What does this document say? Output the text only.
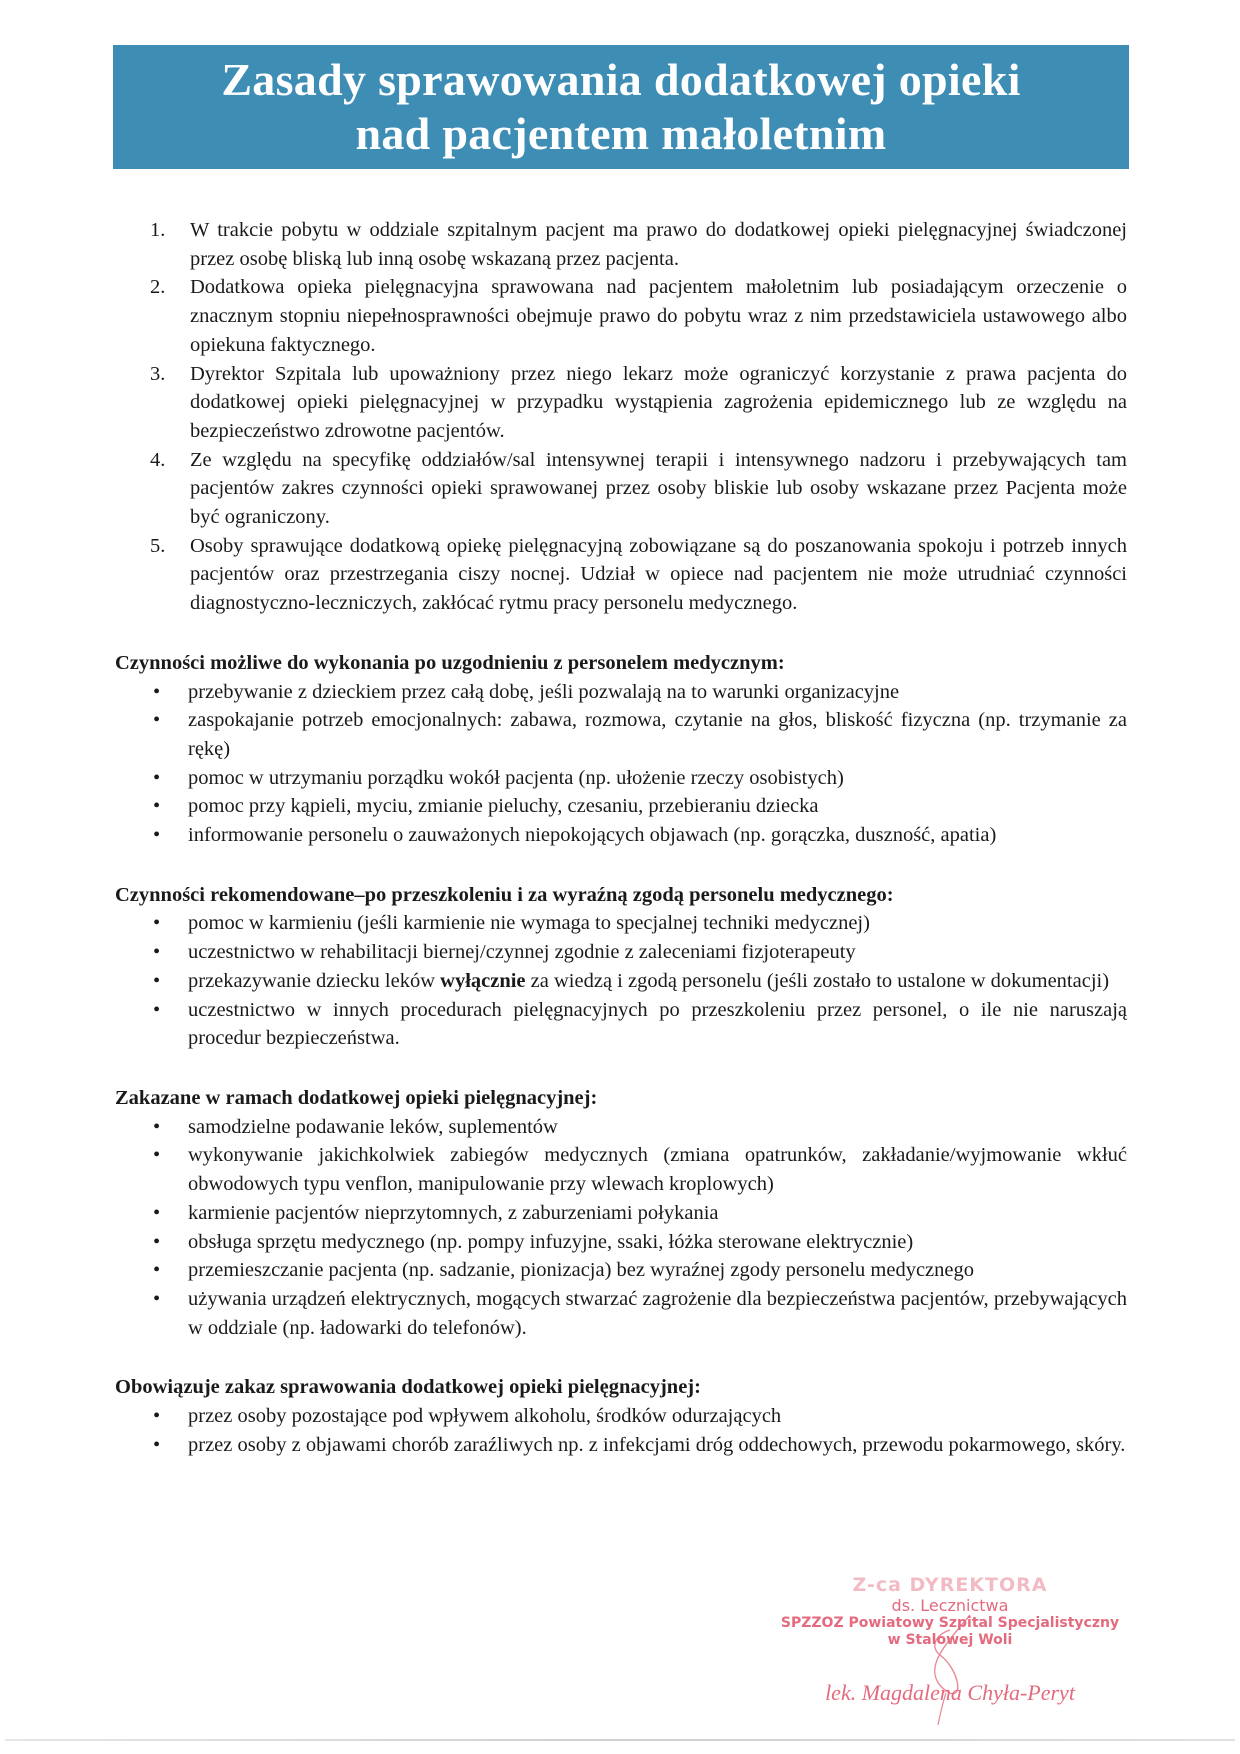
Zasady sprawowania dodatkowej opieki
nad pacjentem małoletnim
1. W trakcie pobytu w oddziale szpitalnym pacjent ma prawo do dodatkowej opieki pielęgnacyjnej świadczonej przez osobę bliską lub inną osobę wskazaną przez pacjenta.
2. Dodatkowa opieka pielęgnacyjna sprawowana nad pacjentem małoletnim lub posiadającym orzeczenie o znacznym stopniu niepełnosprawności obejmuje prawo do pobytu wraz z nim przedstawiciela ustawowego albo opiekuna faktycznego.
3. Dyrektor Szpitala lub upoważniony przez niego lekarz może ograniczyć korzystanie z prawa pacjenta do dodatkowej opieki pielęgnacyjnej w przypadku wystąpienia zagrożenia epidemicznego lub ze względu na bezpieczeństwo zdrowotne pacjentów.
4. Ze względu na specyfikę oddziałów/sal intensywnej terapii i intensywnego nadzoru i przebywających tam pacjentów zakres czynności opieki sprawowanej przez osoby bliskie lub osoby wskazane przez Pacjenta może być ograniczony.
5. Osoby sprawujące dodatkową opiekę pielęgnacyjną zobowiązane są do poszanowania spokoju i potrzeb innych pacjentów oraz przestrzegania ciszy nocnej. Udział w opiece nad pacjentem nie może utrudniać czynności diagnostyczno-leczniczych, zakłócać rytmu pracy personelu medycznego.
Czynności możliwe do wykonania po uzgodnieniu z personelem medycznym:
• przebywanie z dzieckiem przez całą dobę, jeśli pozwalają na to warunki organizacyjne
• zaspokajanie potrzeb emocjonalnych: zabawa, rozmowa, czytanie na głos, bliskość fizyczna (np. trzymanie za rękę)
• pomoc w utrzymaniu porządku wokół pacjenta (np. ułożenie rzeczy osobistych)
• pomoc przy kąpieli, myciu, zmianie pieluchy, czesaniu, przebieraniu dziecka
• informowanie personelu o zauważonych niepokojących objawach (np. gorączka, duszność, apatia)
Czynności rekomendowane–po przeszkoleniu i za wyraźną zgodą personelu medycznego:
• pomoc w karmieniu (jeśli karmienie nie wymaga to specjalnej techniki medycznej)
• uczestnictwo w rehabilitacji biernej/czynnej zgodnie z zaleceniami fizjoterapeuty
• przekazywanie dziecku leków wyłącznie za wiedzą i zgodą personelu (jeśli zostało to ustalone w dokumentacji)
• uczestnictwo w innych procedurach pielęgnacyjnych po przeszkoleniu przez personel, o ile nie naruszają procedur bezpieczeństwa.
Zakazane w ramach dodatkowej opieki pielęgnacyjnej:
• samodzielne podawanie leków, suplementów
• wykonywanie jakichkolwiek zabiegów medycznych (zmiana opatrunków, zakładanie/wyjmowanie wkłuć obwodowych typu venflon, manipulowanie przy wlewach kroplowych)
• karmienie pacjentów nieprzytomnych, z zaburzeniami połykania
• obsługa sprzętu medycznego (np. pompy infuzyjne, ssaki, łóżka sterowane elektrycznie)
• przemieszczanie pacjenta (np. sadzanie, pionizacja) bez wyraźnej zgody personelu medycznego
• używania urządzeń elektrycznych, mogących stwarzać zagrożenie dla bezpieczeństwa pacjentów, przebywających w oddziale (np. ładowarki do telefonów).
Obowiązuje zakaz sprawowania dodatkowej opieki pielęgnacyjnej:
• przez osoby pozostające pod wpływem alkoholu, środków odurzających
• przez osoby z objawami chorób zaraźliwych np. z infekcjami dróg oddechowych, przewodu pokarmowego, skóry.
Z-ca DYREKTORA
ds. Lecznictwa
SPZZOZ Powiatowy Szpital Specjalistyczny
w Stalowej Woli
lek. Magdalena Chyła-Peryt
